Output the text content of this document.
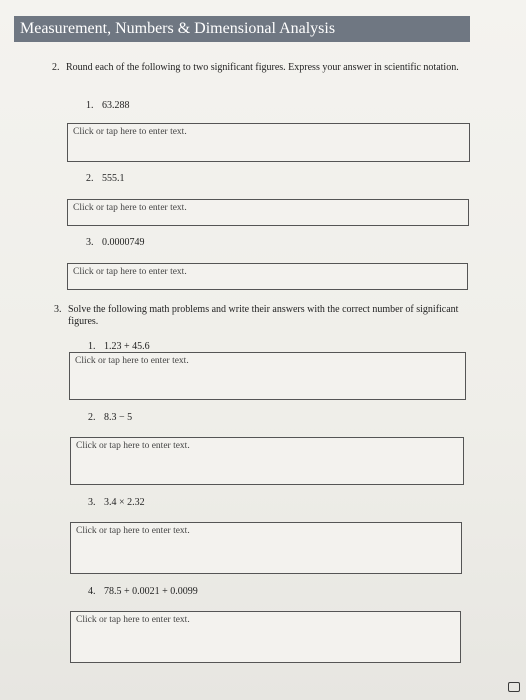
Measurement, Numbers & Dimensional Analysis
2. Round each of the following to two significant figures. Express your answer in scientific notation.
1. 63.288
Click or tap here to enter text.
2. 555.1
Click or tap here to enter text.
3. 0.0000749
Click or tap here to enter text.
3. Solve the following math problems and write their answers with the correct number of significant figures.
1. 1.23 + 45.6
Click or tap here to enter text.
2. 8.3 − 5
Click or tap here to enter text.
3. 3.4 × 2.32
Click or tap here to enter text.
4. 78.5 + 0.0021 + 0.0099
Click or tap here to enter text.
